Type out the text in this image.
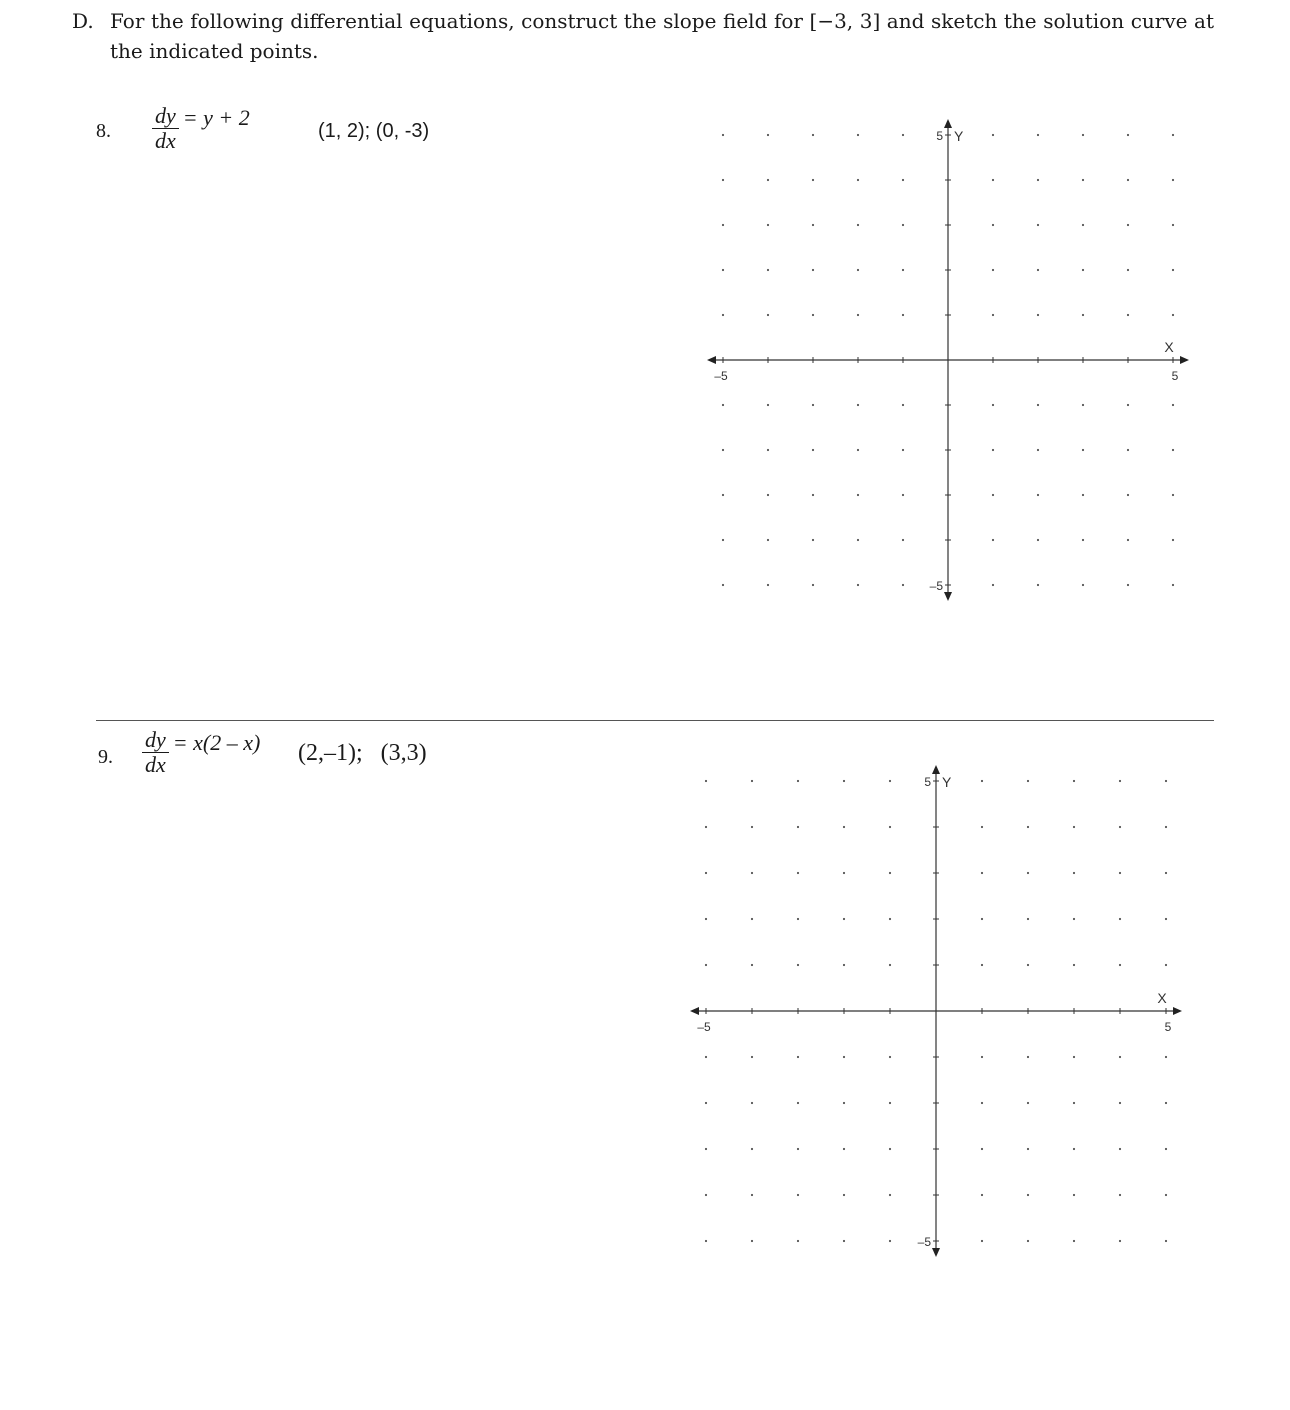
D. For the following differential equations, construct the slope field for [−3, 3] and sketch the solution curve at the indicated points.
8. $\frac{dy}{dx} = y + 2$
(1, 2); (0, -3)
–5	5
X
5 Y
–5
9. $\frac{dy}{dx} = x(2 - x)$ (2,–1);   (3,3)
–5	5
X
5 Y
–5
